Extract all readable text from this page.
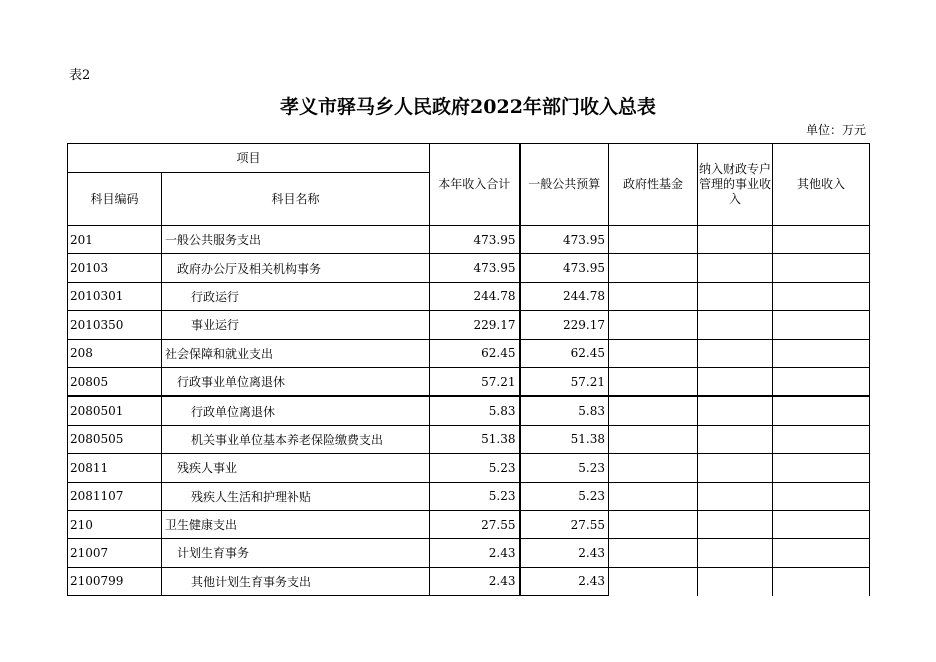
表2
孝义市驿马乡人民政府2022年部门收入总表
单位：万元
项目		本年收入合计	一般公共预算	政府性基金	纳入财政专户管理的事业收入	其他收入
科目编码	科目名称					
201	一般公共服务支出	473.95	473.95			
20103	政府办公厅及相关机构事务	473.95	473.95			
2010301	行政运行	244.78	244.78			
2010350	事业运行	229.17	229.17			
208	社会保障和就业支出	62.45	62.45			
20805	行政事业单位离退休	57.21	57.21			
2080501	行政单位离退休	5.83	5.83			
2080505	机关事业单位基本养老保险缴费支出	51.38	51.38			
20811	残疾人事业	5.23	5.23			
2081107	残疾人生活和护理补贴	5.23	5.23			
210	卫生健康支出	27.55	27.55			
21007	计划生育事务	2.43	2.43			
2100799	其他计划生育事务支出	2.43	2.43			
